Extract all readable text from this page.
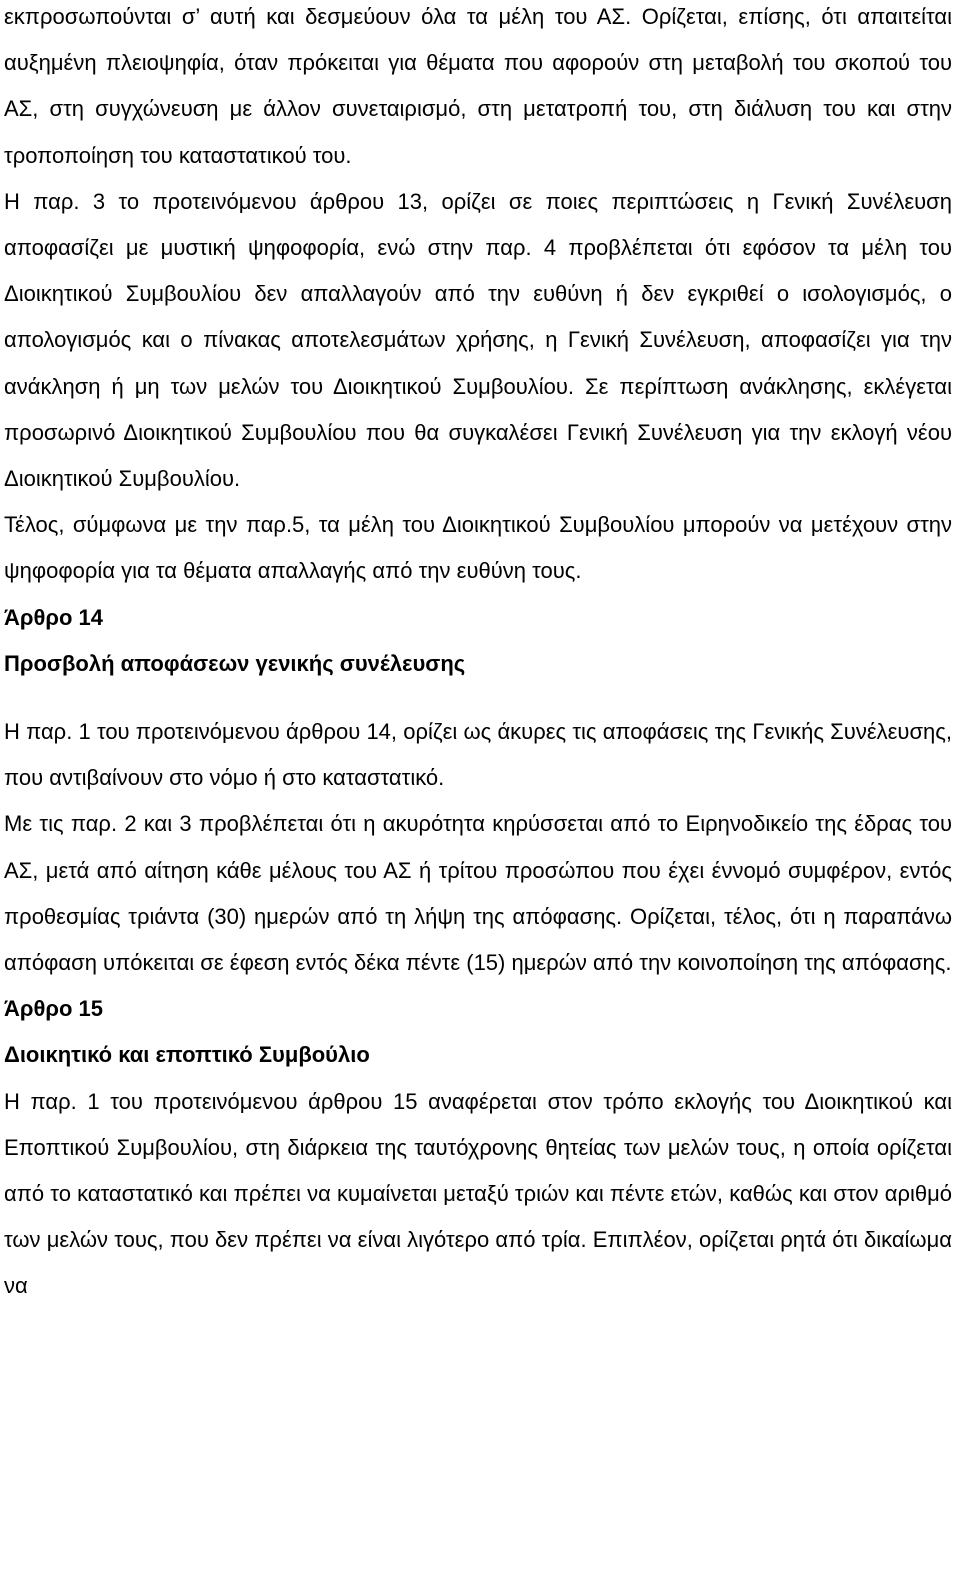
εκπροσωπούνται σ’ αυτή και δεσμεύουν όλα τα μέλη του ΑΣ. Ορίζεται, επίσης, ότι απαιτείται αυξημένη πλειοψηφία, όταν πρόκειται για θέματα που αφορούν στη μεταβολή του σκοπού του ΑΣ, στη συγχώνευση με άλλον συνεταιρισμό, στη μετατροπή του, στη διάλυση του και στην τροποποίηση του καταστατικού του.

Η παρ. 3 το προτεινόμενου άρθρου 13, ορίζει σε ποιες περιπτώσεις η Γενική Συνέλευση αποφασίζει με μυστική ψηφοφορία, ενώ στην παρ. 4 προβλέπεται ότι εφόσον τα μέλη του Διοικητικού Συμβουλίου δεν απαλλαγούν από την ευθύνη ή δεν εγκριθεί ο ισολογισμός, ο απολογισμός και ο πίνακας αποτελεσμάτων χρήσης, η Γενική Συνέλευση, αποφασίζει για την ανάκληση ή μη των μελών του Διοικητικού Συμβουλίου. Σε περίπτωση ανάκλησης, εκλέγεται προσωρινό Διοικητικού Συμβουλίου που θα συγκαλέσει Γενική Συνέλευση για την εκλογή νέου Διοικητικού Συμβουλίου.

Τέλος, σύμφωνα με την παρ.5, τα μέλη του Διοικητικού Συμβουλίου μπορούν να μετέχουν στην ψηφοφορία για τα θέματα απαλλαγής από την ευθύνη τους.

Άρθρο 14

Προσβολή αποφάσεων γενικής συνέλευσης

Η παρ. 1 του προτεινόμενου άρθρου 14, ορίζει ως άκυρες τις αποφάσεις της Γενικής Συνέλευσης, που αντιβαίνουν στο νόμο ή στο καταστατικό.

Με τις παρ. 2 και 3 προβλέπεται ότι η ακυρότητα κηρύσσεται από το Ειρηνοδικείο της έδρας του ΑΣ, μετά από αίτηση κάθε μέλους του ΑΣ ή τρίτου προσώπου που έχει έννομό συμφέρον, εντός προθεσμίας τριάντα (30) ημερών από τη λήψη της απόφασης. Ορίζεται, τέλος, ότι η παραπάνω απόφαση υπόκειται σε έφεση εντός δέκα πέντε (15) ημερών από την κοινοποίηση της απόφασης.

Άρθρο 15

Διοικητικό και εποπτικό Συμβούλιο

Η παρ. 1 του προτεινόμενου άρθρου 15 αναφέρεται στον τρόπο εκλογής του Διοικητικού και Εποπτικού Συμβουλίου, στη διάρκεια της ταυτόχρονης θητείας των μελών τους, η οποία ορίζεται από το καταστατικό και πρέπει να κυμαίνεται μεταξύ τριών και πέντε ετών, καθώς και στον αριθμό των μελών τους, που δεν πρέπει να είναι λιγότερο από τρία. Επιπλέον, ορίζεται ρητά ότι δικαίωμα να
